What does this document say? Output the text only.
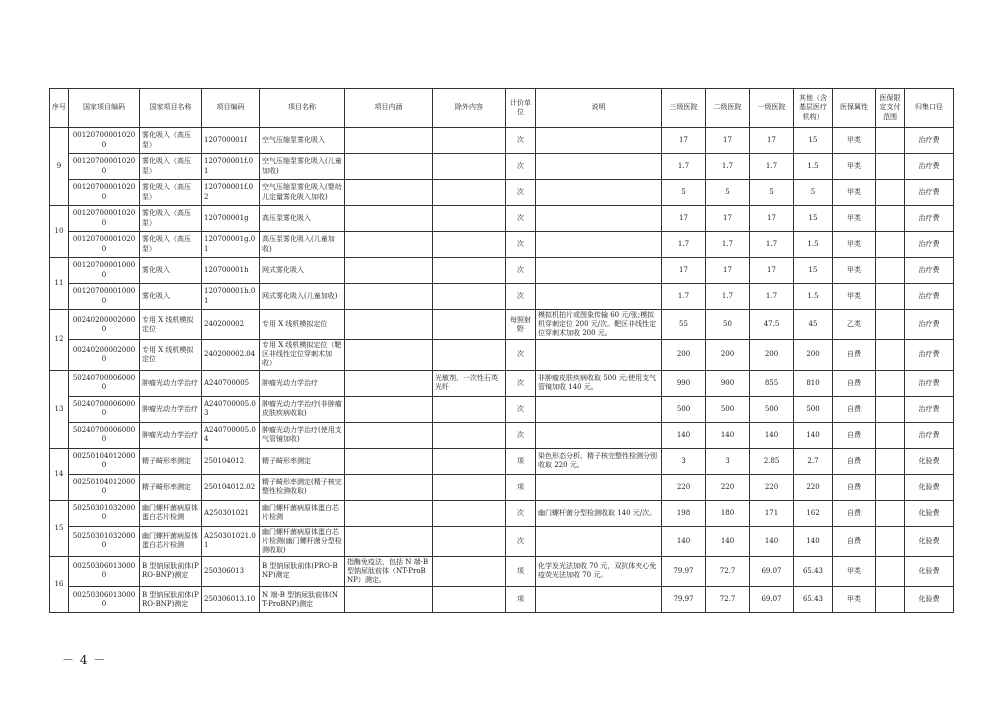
序号	国家项目编码	国家项目名称	项目编码	项目名称	项目内涵	除外内容	计价单位	说明	三级医院	二级医院	一级医院	其他（含基层医疗机构）	医保属性	医保限定支付范围	归集口径
9	001207000010200	雾化吸入（高压泵）	120700001f	空气压缩泵雾化吸入			次		17	17	17	15	甲类		治疗费
	001207000010200	雾化吸入（高压泵）	120700001f.01	空气压缩泵雾化吸入(儿童加收)			次		1.7	1.7	1.7	1.5	甲类		治疗费
	001207000010200	雾化吸入（高压泵）	120700001f.02	空气压缩泵雾化吸入(婴幼儿定量雾化吸入加收)			次		5	5	5	5	甲类		治疗费
10	001207000010200	雾化吸入（高压泵）	120700001g	高压泵雾化吸入			次		17	17	17	15	甲类		治疗费
	001207000010200	雾化吸入（高压泵）	120700001g.01	高压泵雾化吸入(儿童加收)			次		1.7	1.7	1.7	1.5	甲类		治疗费
11	001207000010000	雾化吸入	120700001h	网式雾化吸入			次		17	17	17	15	甲类		治疗费
	001207000010000	雾化吸入	120700001h.01	网式雾化吸入(儿童加收)			次		1.7	1.7	1.7	1.5	甲类		治疗费
12	002402000020000	专用 X 线机模拟定位	240200002	专用 X 线机模拟定位			每照射野	模拟机拍片或图象传输 60 元/张;模拟机穿刺定位 200 元/次。靶区非线性定位穿刺术加收 200 元。	55	50	47.5	45	乙类		治疗费
	002402000020000	专用 X 线机模拟定位	240200002.04	专用 X 线机模拟定位（靶区非线性定位穿刺术加收）			次		200	200	200	200	自费		治疗费
13	502407000060000	肿瘤光动力学治疗	A240700005	肿瘤光动力学治疗		光敏剂、一次性石英光纤	次	非肿瘤皮肤疾病收取 500 元;使用支气管镜加收 140 元。	990	900	855	810	自费		治疗费
	502407000060000	肿瘤光动力学治疗	A240700005.03	肿瘤光动力学治疗(非肿瘤皮肤疾病收取)			次		500	500	500	500	自费		治疗费
	502407000060000	肿瘤光动力学治疗	A240700005.04	肿瘤光动力学治疗(使用支气管镜加收)			次		140	140	140	140	自费		治疗费
14	002501040120000	精子畸形率测定	250104012	精子畸形率测定			项	染色形态分析、精子核完整性检测分别收取 220 元。	3	3	2.85	2.7	自费		化验费
	002501040120000	精子畸形率测定	250104012.02	精子畸形率测定(精子核完整性检测收取)			项		220	220	220	220	自费		化验费
15	502503010320000	幽门螺杆菌病原体蛋白芯片检测	A250301021	幽门螺杆菌病原体蛋白芯片检测			次	幽门螺杆菌分型检测收取 140 元/次。	198	180	171	162	自费		化验费
	502503010320000	幽门螺杆菌病原体蛋白芯片检测	A250301021.01	幽门螺杆菌病原体蛋白芯片检测(幽门螺杆菌分型检测收取)			次		140	140	140	140	自费		化验费
16	002503060130000	B 型钠尿肽前体(PRO-BNP)测定	250306013	B 型钠尿肽前体(PRO-BNP)测定	指酶免疫法，包括 N 端-B 型钠尿肽前体（NT-ProBNP）测定。		项	化学发光法加收 70 元，双抗体夹心免疫荧光法加收 70 元。	79.97	72.7	69.07	65.43	甲类		化验费
	002503060130000	B 型钠尿肽前体(PRO-BNP)测定	250306013.10	N 端-B 型钠尿肽前体(NT-ProBNP)测定			项		79.97	72.7	69.07	65.43	甲类		化验费
－ 4 －
